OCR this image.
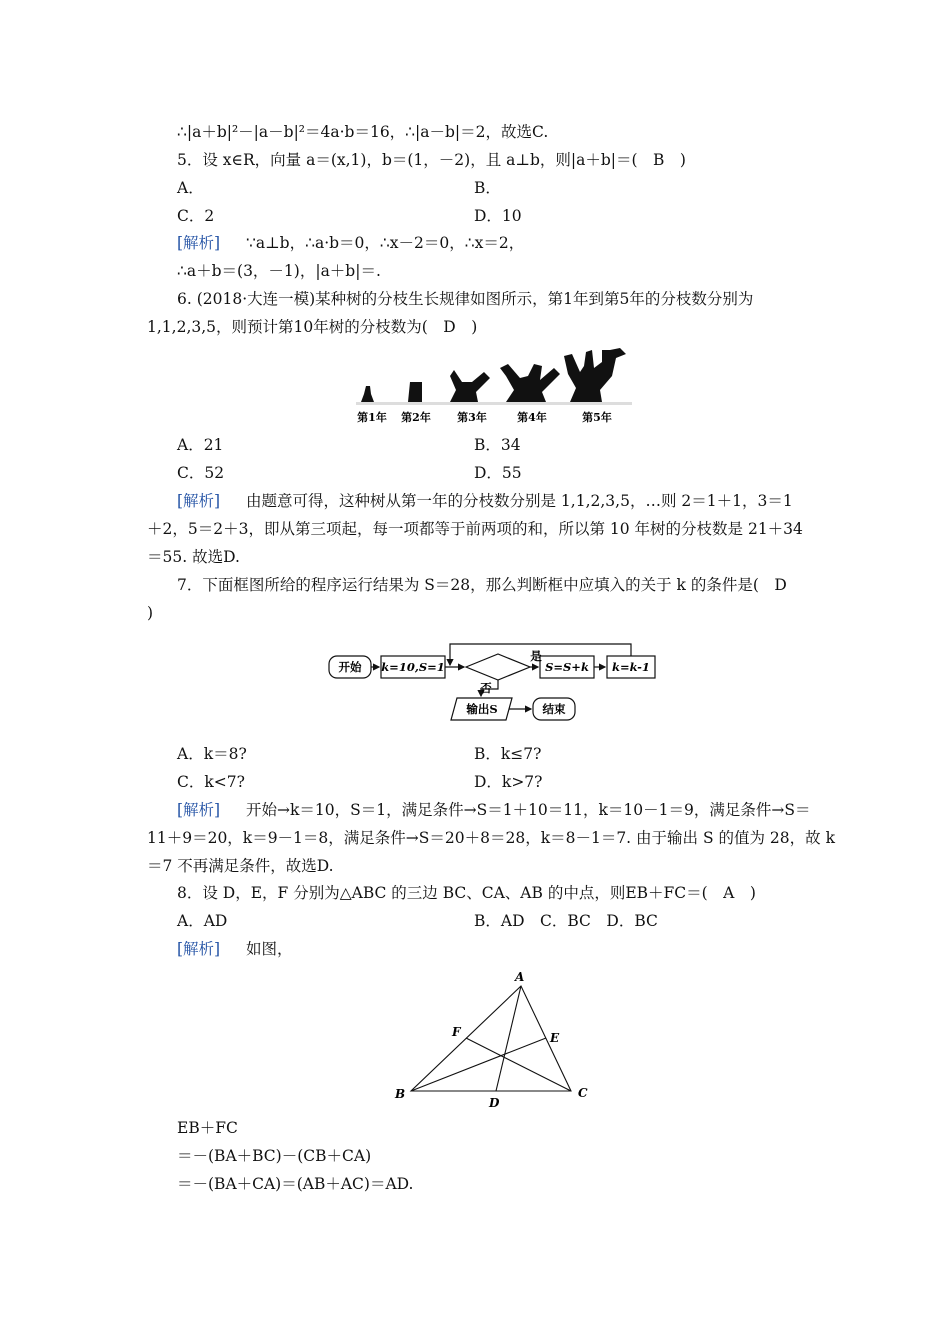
∴|a＋b|²－|a－b|²＝4a·b＝16，∴|a－b|＝2，故选C.
5．设 x∈R，向量 a＝(x,1)，b＝(1，－2)，且 a⊥b，则|a＋b|＝(　B　)
A．	B．
C．2	D．10
[解析] ∵a⊥b，∴a·b＝0，∴x－2＝0，∴x＝2，
∴a＋b＝(3，－1)，|a＋b|＝.
6. (2018·大连一模)某种树的分枝生长规律如图所示，第1年到第5年的分枝数分别为
1,1,2,3,5，则预计第10年树的分枝数为(　D　)
第1年 第2年 第3年	第4年	第5年
A．21	B．34
C．52	D．55
[解析] 由题意可得，这种树从第一年的分枝数分别是 1,1,2,3,5，…则 2＝1＋1，3＝1
＋2，5＝2＋3，即从第三项起，每一项都等于前两项的和，所以第 10 年树的分枝数是 21＋34
＝55. 故选D.
7．下面框图所给的程序运行结果为 S＝28，那么判断框中应填入的关于 k 的条件是(　D
)
开始 k=10,S=1
是
S=S+k k=k-1
否
输出S	结束
A．k＝8?	B．k≤7?
C．k<7?	D．k>7?
[解析] 开始→k＝10，S＝1，满足条件→S＝1＋10＝11，k＝10－1＝9，满足条件→S＝
11＋9＝20，k＝9－1＝8，满足条件→S＝20＋8＝28，k＝8－1＝7. 由于输出 S 的值为 28，故 k
＝7 不再满足条件，故选D.
8．设 D，E，F 分别为△ABC 的三边 BC、CA、AB 的中点，则EB＋FC＝(　A　)
A．AD	B．AD　C．BC　D．BC
[解析] 如图，
A
B	C
D
E
F
EB＋FC
＝－(BA＋BC)－(CB＋CA)
＝－(BA＋CA)＝(AB＋AC)＝AD.
